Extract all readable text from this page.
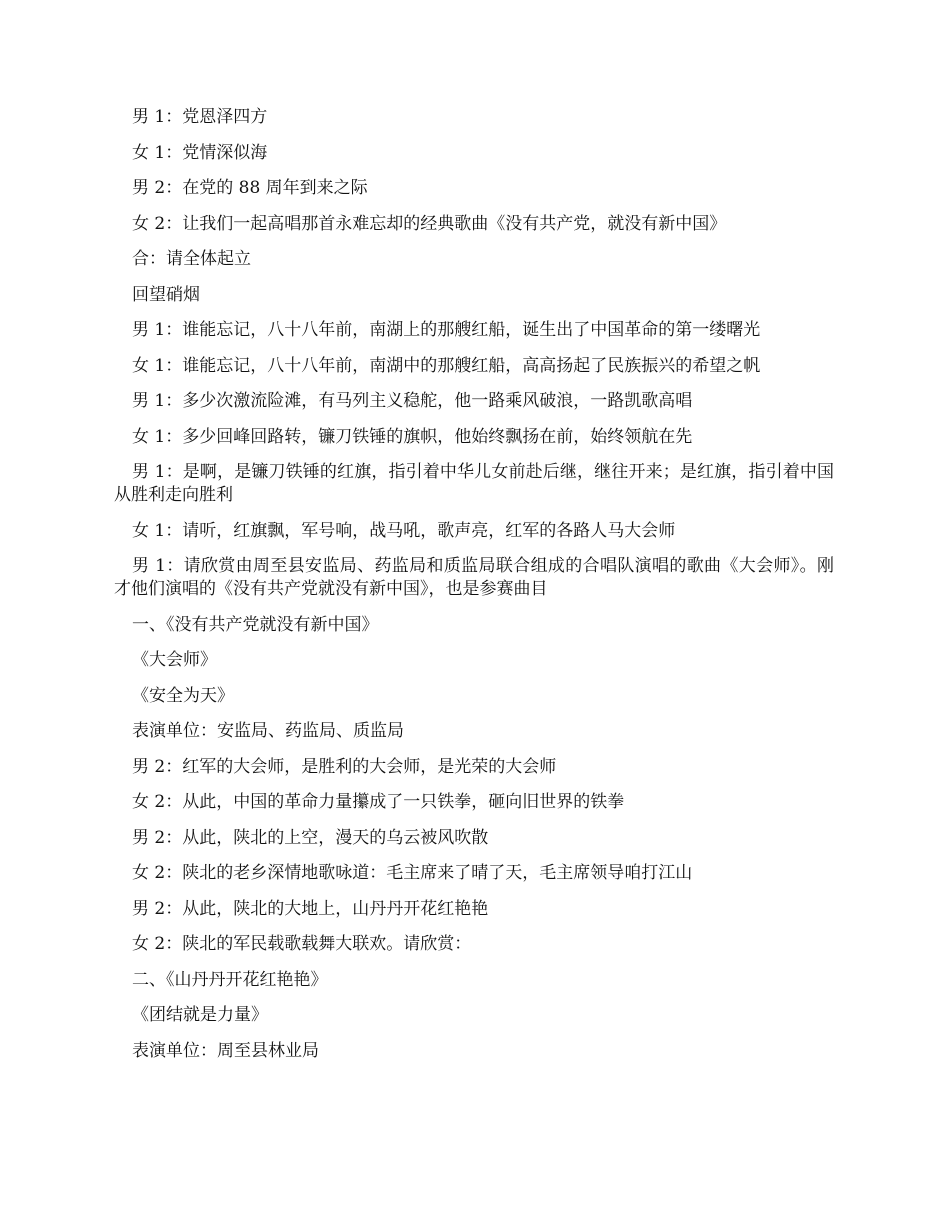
男 1：党恩泽四方

女 1：党情深似海

男 2：在党的 88 周年到来之际

女 2：让我们一起高唱那首永难忘却的经典歌曲《没有共产党，就没有新中国》

合：请全体起立

回望硝烟

男 1：谁能忘记，八十八年前，南湖上的那艘红船，诞生出了中国革命的第一缕曙光

女 1：谁能忘记，八十八年前，南湖中的那艘红船，高高扬起了民族振兴的希望之帆

男 1：多少次激流险滩，有马列主义稳舵，他一路乘风破浪，一路凯歌高唱

女 1：多少回峰回路转，镰刀铁锤的旗帜，他始终飘扬在前，始终领航在先

男 1：是啊，是镰刀铁锤的红旗，指引着中华儿女前赴后继，继往开来；是红旗，指引着中国从胜利走向胜利

女 1：请听，红旗飘，军号响，战马吼，歌声亮，红军的各路人马大会师

男 1：请欣赏由周至县安监局、药监局和质监局联合组成的合唱队演唱的歌曲《大会师》。刚才他们演唱的《没有共产党就没有新中国》，也是参赛曲目

一、《没有共产党就没有新中国》

《大会师》

《安全为天》

表演单位：安监局、药监局、质监局

男 2：红军的大会师，是胜利的大会师，是光荣的大会师

女 2：从此，中国的革命力量攥成了一只铁拳，砸向旧世界的铁拳

男 2：从此，陕北的上空，漫天的乌云被风吹散

女 2：陕北的老乡深情地歌咏道：毛主席来了晴了天，毛主席领导咱打江山

男 2：从此，陕北的大地上，山丹丹开花红艳艳

女 2：陕北的军民载歌载舞大联欢。请欣赏：

二、《山丹丹开花红艳艳》

《团结就是力量》

表演单位：周至县林业局
